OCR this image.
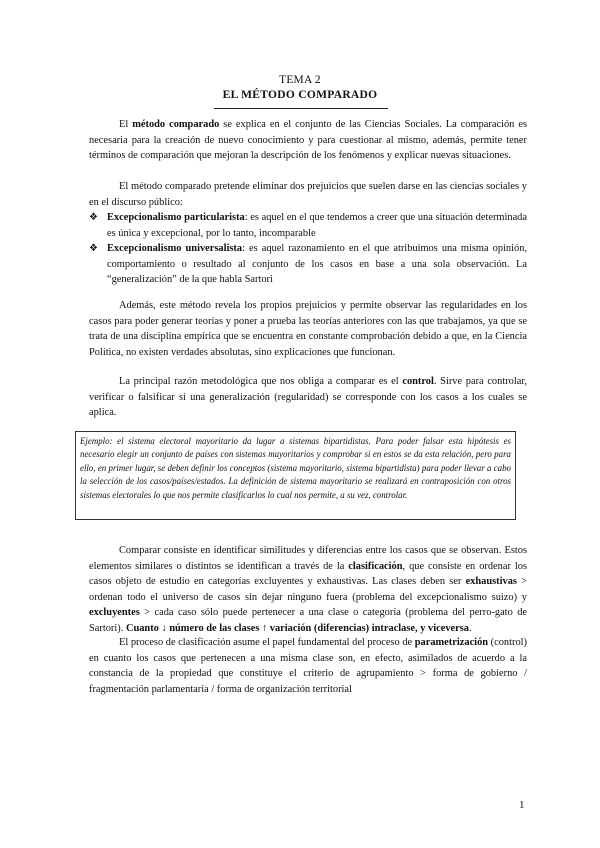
TEMA 2
EL MÉTODO COMPARADO
El método comparado se explica en el conjunto de las Ciencias Sociales. La comparación es necesaria para la creación de nuevo conocimiento y para cuestionar al mismo, además, permite tener términos de comparación que mejoran la descripción de los fenómenos y explicar nuevas situaciones.
El método comparado pretende eliminar dos prejuicios que suelen darse en las ciencias sociales y en el discurso público:
❖ Excepcionalismo particularista: es aquel en el que tendemos a creer que una situación determinada es única y excepcional, por lo tanto, incomparable
❖ Excepcionalismo universalista: es aquel razonamiento en el que atribuimos una misma opinión, comportamiento o resultado al conjunto de los casos en base a una sola observación. La “generalización” de la que habla Sartori
Además, este método revela los propios prejuicios y permite observar las regularidades en los casos para poder generar teorías y poner a prueba las teorías anteriores con las que trabajamos, ya que se trata de una disciplina empírica que se encuentra en constante comprobación debido a que, en la Ciencia Política, no existen verdades absolutas, sino explicaciones que funcionan.
La principal razón metodológica que nos obliga a comparar es el control. Sirve para controlar, verificar o falsificar si una generalización (regularidad) se corresponde con los casos a los cuales se aplica.
Ejemplo: el sistema electoral mayoritario da lugar a sistemas bipartidistas. Para poder falsar esta hipótesis es necesario elegir un conjunto de países con sistemas mayoritarios y comprobar si en estos se da esta relación, pero para ello, en primer lugar, se deben definir los conceptos (sistema mayoritario, sistema bipartidista) para poder llevar a cabo la selección de los casos/países/estados. La definición de sistema mayoritario se realizará en contraposición con otros sistemas electorales lo que nos permite clasificarlos lo cual nos permite, a su vez, controlar.
Comparar consiste en identificar similitudes y diferencias entre los casos que se observan. Estos elementos similares o distintos se identifican a través de la clasificación, que consiste en ordenar los casos objeto de estudio en categorías excluyentes y exhaustivas. Las clases deben ser exhaustivas > ordenan todo el universo de casos sin dejar ninguno fuera (problema del excepcionalismo suizo) y excluyentes > cada caso sólo puede pertenecer a una clase o categoría (problema del perro-gato de Sartori). Cuanto ↓ número de las clases ↑ variación (diferencias) intraclase, y viceversa.
El proceso de clasificación asume el papel fundamental del proceso de parametrización (control) en cuanto los casos que pertenecen a una misma clase son, en efecto, asimilados de acuerdo a la constancia de la propiedad que constituye el criterio de agrupamiento > forma de gobierno / fragmentación parlamentaria / forma de organización territorial
1
